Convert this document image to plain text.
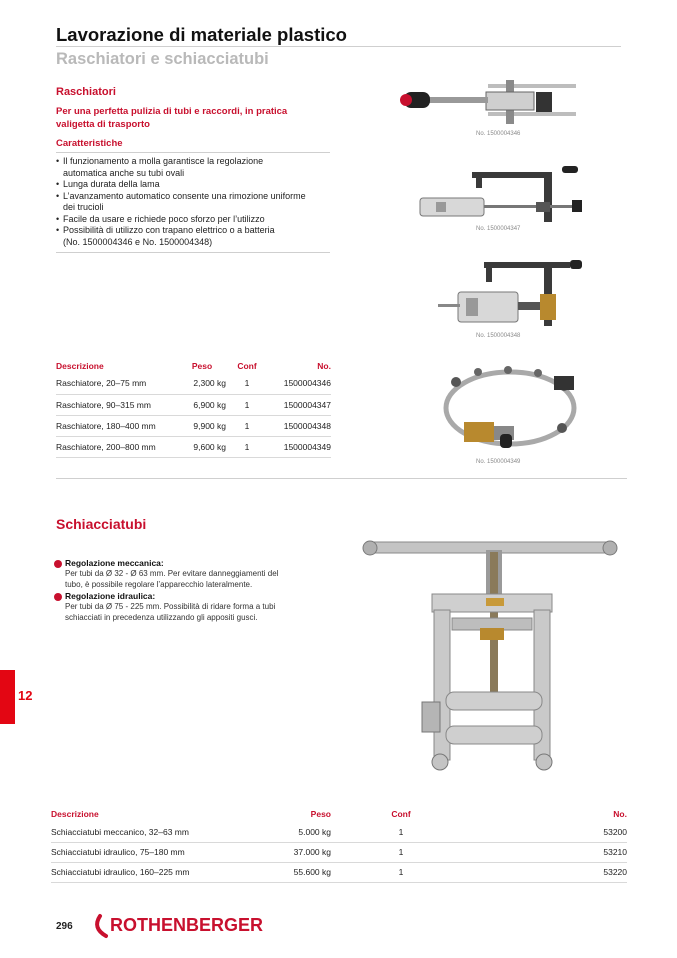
Lavorazione di materiale plastico
Raschiatori e schiacciatubi
Raschiatori
Per una perfetta pulizia di tubi e raccordi, in pratica
valigetta di trasporto
Caratteristiche
• Il funzionamento a molla garantisce la regolazione
automatica anche su tubi ovali
• Lunga durata della lama
• L’avanzamento automatico consente una rimozione uniforme
dei trucioli
• Facile da usare e richiede poco sforzo per l’utilizzo
• Possibilità di utilizzo con trapano elettrico o a batteria
(No. 1500004346 e No. 1500004348)
No. 1500004346
No. 1500004347
No. 1500004348
No. 1500004349
Descrizione	Peso	Conf	No.
Raschiatore, 20–75 mm	2,300 kg	1	1500004346
Raschiatore, 90–315 mm	6,900 kg	1	1500004347
Raschiatore, 180–400 mm	9,900 kg	1	1500004348
Raschiatore, 200–800 mm	9,600 kg	1	1500004349
Schiacciatubi
Regolazione meccanica:
Per tubi da Ø 32 - Ø 63 mm. Per evitare danneggiamenti del
tubo, è possibile regolare l’apparecchio lateralmente.
Regolazione idraulica:
Per tubi da Ø 75 - 225 mm. Possibilità di ridare forma a tubi
schiacciati in precedenza utilizzando gli appositi gusci.
Descrizione	Peso	Conf	No.
Schiacciatubi meccanico, 32–63 mm	5.000 kg	1	53200
Schiacciatubi idraulico, 75–180 mm	37.000 kg	1	53210
Schiacciatubi idraulico, 160–225 mm	55.600 kg	1	53220
12
296 ROTHENBERGER
